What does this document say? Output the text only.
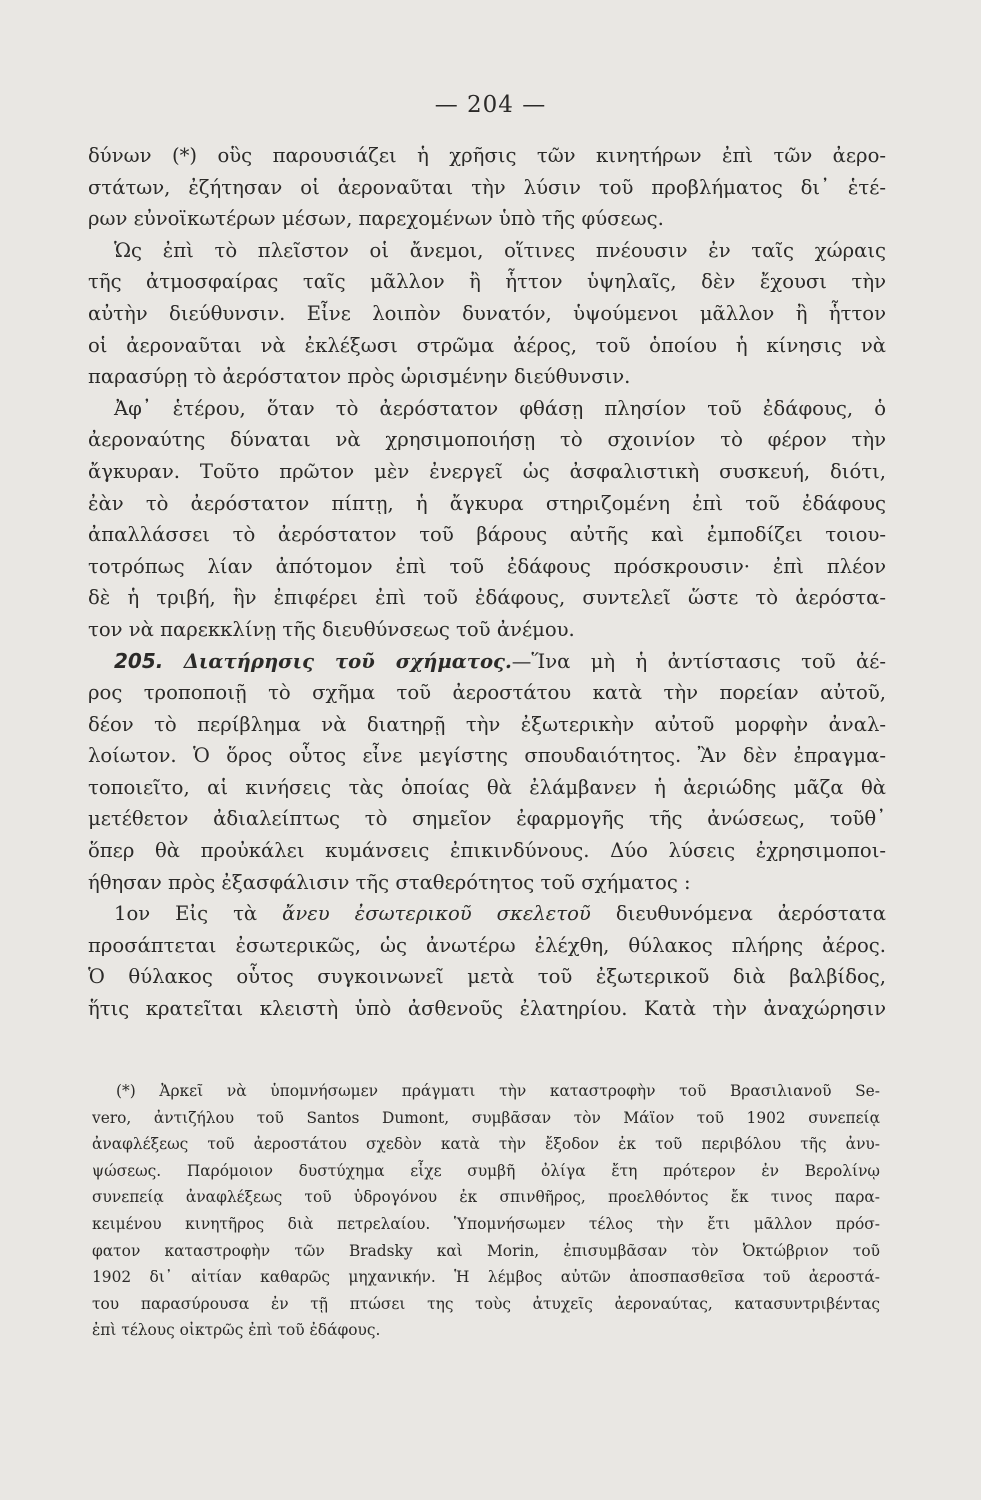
— 204 —
δύνων (*) οὓς παρουσιάζει ἡ χρῆσις τῶν κινητήρων ἐπὶ τῶν ἀερο-
στάτων, ἐζήτησαν οἱ ἀεροναῦται τὴν λύσιν τοῦ προβλήματος δι᾽ ἑτέ-
ρων εὐνοϊκωτέρων μέσων, παρεχομένων ὑπὸ τῆς φύσεως.
Ὡς ἐπὶ τὸ πλεῖστον οἱ ἄνεμοι, οἵτινες πνέουσιν ἐν ταῖς χώραις
τῆς ἀτμοσφαίρας ταῖς μᾶλλον ἢ ἧττον ὑψηλαῖς, δὲν ἔχουσι τὴν
αὐτὴν διεύθυνσιν. Εἶνε λοιπὸν δυνατόν, ὑψούμενοι μᾶλλον ἢ ἧττον
οἱ ἀεροναῦται νὰ ἐκλέξωσι στρῶμα ἀέρος, τοῦ ὁποίου ἡ κίνησις νὰ
παρασύρῃ τὸ ἀερόστατον πρὸς ὡρισμένην διεύθυνσιν.
Ἀφ᾽ ἑτέρου, ὅταν τὸ ἀερόστατον φθάσῃ πλησίον τοῦ ἐδάφους, ὁ
ἀεροναύτης δύναται νὰ χρησιμοποιήσῃ τὸ σχοινίον τὸ φέρον τὴν
ἄγκυραν. Τοῦτο πρῶτον μὲν ἐνεργεῖ ὡς ἀσφαλιστικὴ συσκευή, διότι,
ἐὰν τὸ ἀερόστατον πίπτῃ, ἡ ἄγκυρα στηριζομένη ἐπὶ τοῦ ἐδάφους
ἀπαλλάσσει τὸ ἀερόστατον τοῦ βάρους αὐτῆς καὶ ἐμποδίζει τοιου-
τοτρόπως λίαν ἀπότομον ἐπὶ τοῦ ἐδάφους πρόσκρουσιν· ἐπὶ πλέον
δὲ ἡ τριβή, ἣν ἐπιφέρει ἐπὶ τοῦ ἐδάφους, συντελεῖ ὥστε τὸ ἀερόστα-
τον νὰ παρεκκλίνῃ τῆς διευθύνσεως τοῦ ἀνέμου.
205. Διατήρησις τοῦ σχήματος.—Ἵνα μὴ ἡ ἀντίστασις τοῦ ἀέ-
ρος τροποποιῇ τὸ σχῆμα τοῦ ἀεροστάτου κατὰ τὴν πορείαν αὐτοῦ,
δέον τὸ περίβλημα νὰ διατηρῇ τὴν ἐξωτερικὴν αὐτοῦ μορφὴν ἀναλ-
λοίωτον. Ὁ ὅρος οὗτος εἶνε μεγίστης σπουδαιότητος. Ἂν δὲν ἐπραγμα-
τοποιεῖτο, αἱ κινήσεις τὰς ὁποίας θὰ ἐλάμβανεν ἡ ἀεριώδης μᾶζα θὰ
μετέθετον ἀδιαλείπτως τὸ σημεῖον ἐφαρμογῆς τῆς ἀνώσεως, τοῦθ᾽
ὅπερ θὰ προὐκάλει κυμάνσεις ἐπικινδύνους. Δύο λύσεις ἐχρησιμοποι-
ήθησαν πρὸς ἐξασφάλισιν τῆς σταθερότητος τοῦ σχήματος :
1ον Εἰς τὰ ἄνευ ἐσωτερικοῦ σκελετοῦ διευθυνόμενα ἀερόστατα
προσάπτεται ἐσωτερικῶς, ὡς ἀνωτέρω ἐλέχθη, θύλακος πλήρης ἀέρος.
Ὁ θύλακος οὗτος συγκοινωνεῖ μετὰ τοῦ ἐξωτερικοῦ διὰ βαλβίδος,
ἥτις κρατεῖται κλειστὴ ὑπὸ ἀσθενοῦς ἐλατηρίου. Κατὰ τὴν ἀναχώρησιν
(*) Ἀρκεῖ νὰ ὑπομνήσωμεν πράγματι τὴν καταστροφὴν τοῦ Βρασιλιανοῦ Se-
vero, ἀντιζήλου τοῦ Santos Dumont, συμβᾶσαν τὸν Μάϊον τοῦ 1902 συνεπείᾳ
ἀναφλέξεως τοῦ ἀεροστάτου σχεδὸν κατὰ τὴν ἔξοδον ἐκ τοῦ περιβόλου τῆς ἀνυ-
ψώσεως. Παρόμοιον δυστύχημα εἶχε συμβῆ ὀλίγα ἔτη πρότερον ἐν Βερολίνῳ
συνεπείᾳ ἀναφλέξεως τοῦ ὑδρογόνου ἐκ σπινθῆρος, προελθόντος ἔκ τινος παρα-
κειμένου κινητῆρος διὰ πετρελαίου. Ὑπομνήσωμεν τέλος τὴν ἔτι μᾶλλον πρόσ-
φατον καταστροφὴν τῶν Bradsky καὶ Morin, ἐπισυμβᾶσαν τὸν Ὀκτώβριον τοῦ
1902 δι᾽ αἰτίαν καθαρῶς μηχανικήν. Ἡ λέμβος αὐτῶν ἀποσπασθεῖσα τοῦ ἀεροστά-
του παρασύρουσα ἐν τῇ πτώσει της τοὺς ἀτυχεῖς ἀεροναύτας, κατασυντριβέντας
ἐπὶ τέλους οἰκτρῶς ἐπὶ τοῦ ἐδάφους.
